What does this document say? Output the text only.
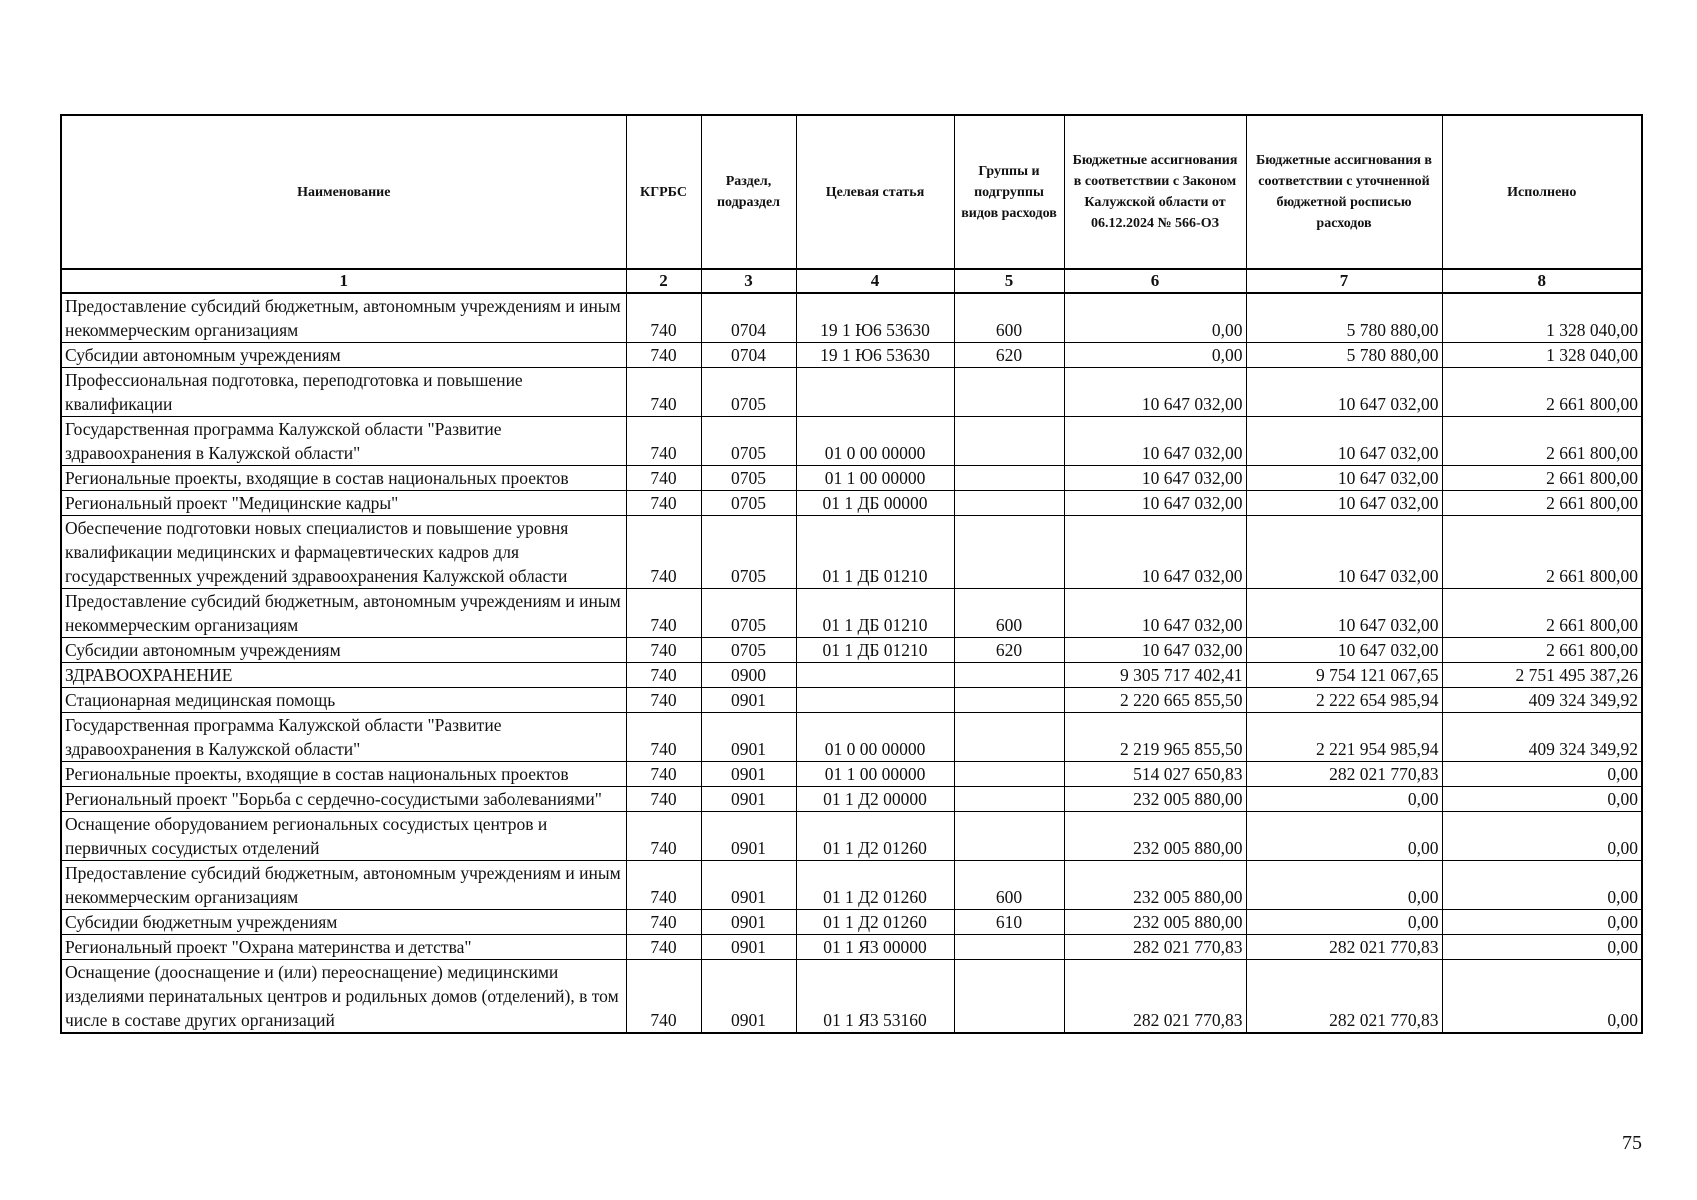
Наименование	КГРБС	Раздел, подраздел	Целевая статья	Группы и подгруппы видов расходов	Бюджетные ассигнования в соответствии с Законом Калужской области от 06.12.2024 № 566-ОЗ	Бюджетные ассигнования в соответствии с уточненной бюджетной росписью расходов	Исполнено
1	2	3	4	5	6	7	8
Предоставление субсидий бюджетным, автономным учреждениям и иным некоммерческим организациям	740	0704	19 1 Ю6 53630	600	0,00	5 780 880,00	1 328 040,00
Субсидии автономным учреждениям	740	0704	19 1 Ю6 53630	620	0,00	5 780 880,00	1 328 040,00
Профессиональная подготовка, переподготовка и повышение квалификации	740	0705			10 647 032,00	10 647 032,00	2 661 800,00
Государственная программа Калужской области "Развитие здравоохранения в Калужской области"	740	0705	01 0 00 00000		10 647 032,00	10 647 032,00	2 661 800,00
Региональные проекты, входящие в состав национальных проектов	740	0705	01 1 00 00000		10 647 032,00	10 647 032,00	2 661 800,00
Региональный проект "Медицинские кадры"	740	0705	01 1 ДБ 00000		10 647 032,00	10 647 032,00	2 661 800,00
Обеспечение подготовки новых специалистов и повышение уровня квалификации медицинских и фармацевтических кадров для государственных учреждений здравоохранения Калужской области	740	0705	01 1 ДБ 01210		10 647 032,00	10 647 032,00	2 661 800,00
Предоставление субсидий бюджетным, автономным учреждениям и иным некоммерческим организациям	740	0705	01 1 ДБ 01210	600	10 647 032,00	10 647 032,00	2 661 800,00
Субсидии автономным учреждениям	740	0705	01 1 ДБ 01210	620	10 647 032,00	10 647 032,00	2 661 800,00
ЗДРАВООХРАНЕНИЕ	740	0900			9 305 717 402,41	9 754 121 067,65	2 751 495 387,26
Стационарная медицинская помощь	740	0901			2 220 665 855,50	2 222 654 985,94	409 324 349,92
Государственная программа Калужской области "Развитие здравоохранения в Калужской области"	740	0901	01 0 00 00000		2 219 965 855,50	2 221 954 985,94	409 324 349,92
Региональные проекты, входящие в состав национальных проектов	740	0901	01 1 00 00000		514 027 650,83	282 021 770,83	0,00
Региональный проект "Борьба с сердечно-сосудистыми заболеваниями"	740	0901	01 1 Д2 00000		232 005 880,00	0,00	0,00
Оснащение оборудованием региональных сосудистых центров и первичных сосудистых отделений	740	0901	01 1 Д2 01260		232 005 880,00	0,00	0,00
Предоставление субсидий бюджетным, автономным учреждениям и иным некоммерческим организациям	740	0901	01 1 Д2 01260	600	232 005 880,00	0,00	0,00
Субсидии бюджетным учреждениям	740	0901	01 1 Д2 01260	610	232 005 880,00	0,00	0,00
Региональный проект "Охрана материнства и детства"	740	0901	01 1 Я3 00000		282 021 770,83	282 021 770,83	0,00
Оснащение (дооснащение и (или) переоснащение) медицинскими изделиями перинатальных центров и родильных домов (отделений), в том числе в составе других организаций	740	0901	01 1 Я3 53160		282 021 770,83	282 021 770,83	0,00
75
